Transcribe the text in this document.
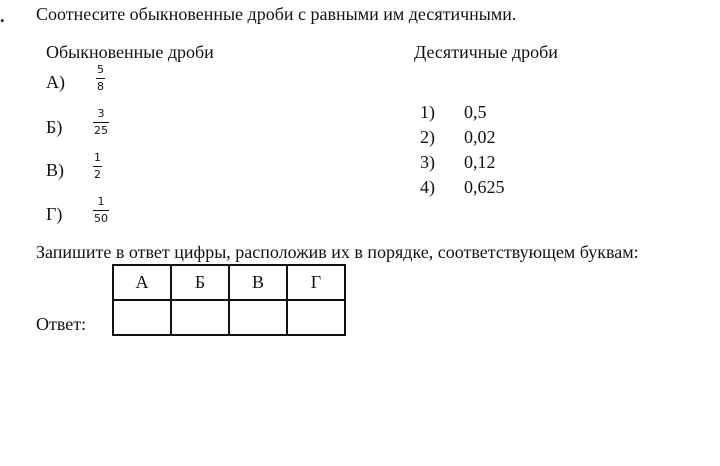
. Соотнесите обыкновенные дроби с равными им десятичными.
Обыкновенные дроби
А)
5
8
Б)
3
25
В)
1
2
Г)
1
50
Десятичные дроби
1) 0,5
2) 0,02
3) 0,12
4) 0,625
Запишите в ответ цифры, расположив их в порядке, соответствующем буквам:
Ответ:
А	Б	В	Г
